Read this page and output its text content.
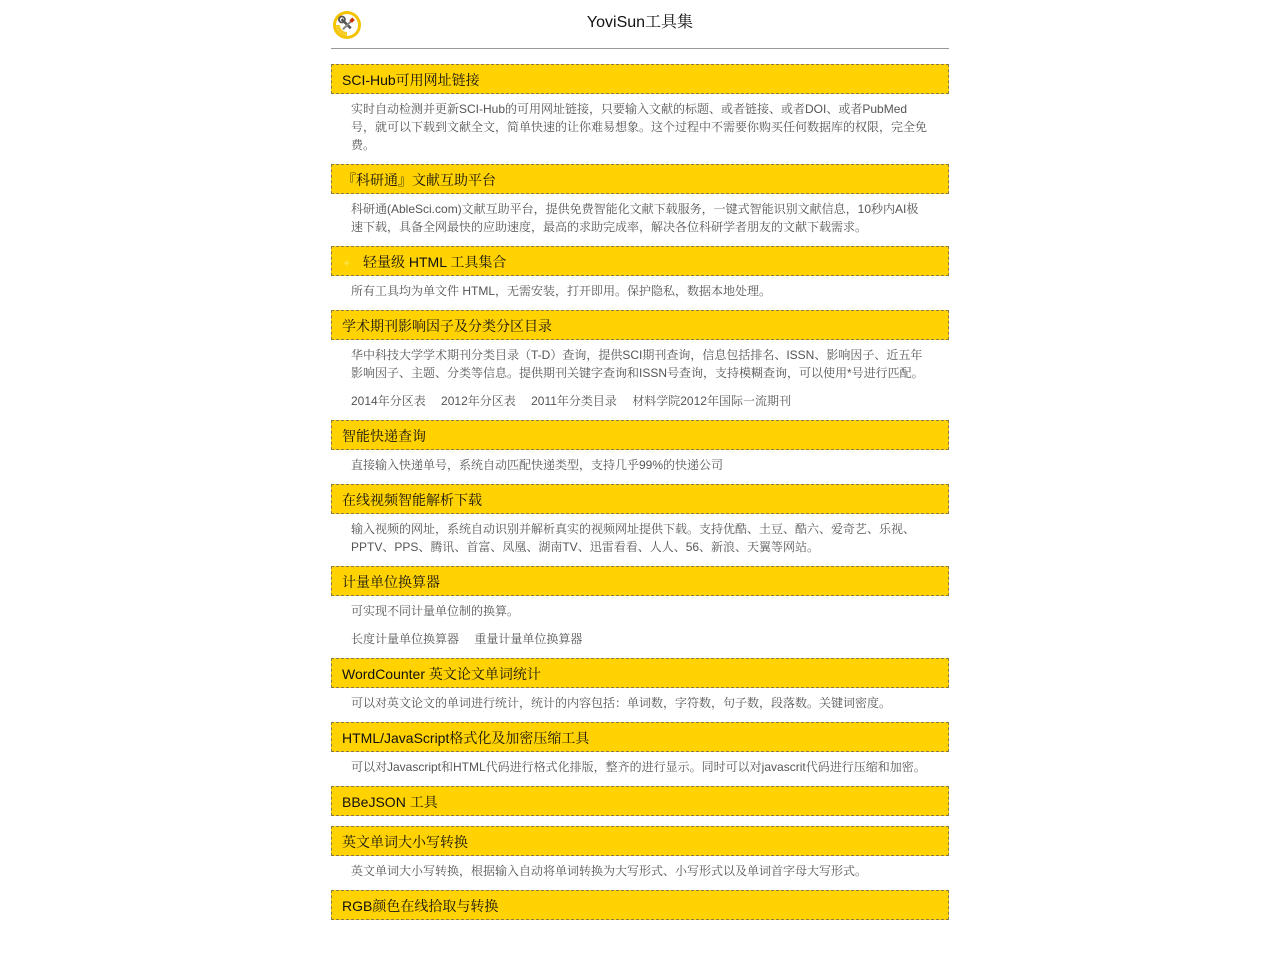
YoviSun工具集
SCI-Hub可用网址链接

实时自动检测并更新SCI-Hub的可用网址链接，只要输入文献的标题、或者链接、或者DOI、或者PubMed号，就可以下载到文献全文，简单快速的让你难易想象。这个过程中不需要你购买任何数据库的权限，完全免费。

『科研通』文献互助平台

科研通(AbleSci.com)文献互助平台，提供免费智能化文献下载服务，一键式智能识别文献信息，10秒内AI极速下载，具备全网最快的应助速度，最高的求助完成率，解决各位科研学者朋友的文献下载需求。

✦ 轻量级 HTML 工具集合

所有工具均为单文件 HTML，无需安装，打开即用。保护隐私，数据本地处理。

学术期刊影响因子及分类分区目录

华中科技大学学术期刊分类目录（T-D）查询，提供SCI期刊查询，信息包括排名、ISSN、影响因子、近五年影响因子、主题、分类等信息。提供期刊关键字查询和ISSN号查询，支持模糊查询，可以使用*号进行匹配。

2014年分区表 2012年分区表 2011年分类目录 材料学院2012年国际一流期刊
智能快递查询

直接输入快递单号，系统自动匹配快递类型，支持几乎99%的快递公司

在线视频智能解析下载

输入视频的网址，系统自动识别并解析真实的视频网址提供下载。支持优酷、土豆、酷六、爱奇艺、乐视、PPTV、PPS、腾讯、首富、凤凰、湖南TV、迅雷看看、人人、56、新浪、天翼等网站。

计量单位换算器

可实现不同计量单位制的换算。

长度计量单位换算器 重量计量单位换算器
WordCounter 英文论文单词统计

可以对英文论文的单词进行统计，统计的内容包括：单词数，字符数，句子数，段落数。关键词密度。

HTML/JavaScript格式化及加密压缩工具

可以对Javascript和HTML代码进行格式化排版，整齐的进行显示。同时可以对javascrit代码进行压缩和加密。

BBeJSON 工具
英文单词大小写转换

英文单词大小写转换，根据输入自动将单词转换为大写形式、小写形式以及单词首字母大写形式。

RGB颜色在线拾取与转换
